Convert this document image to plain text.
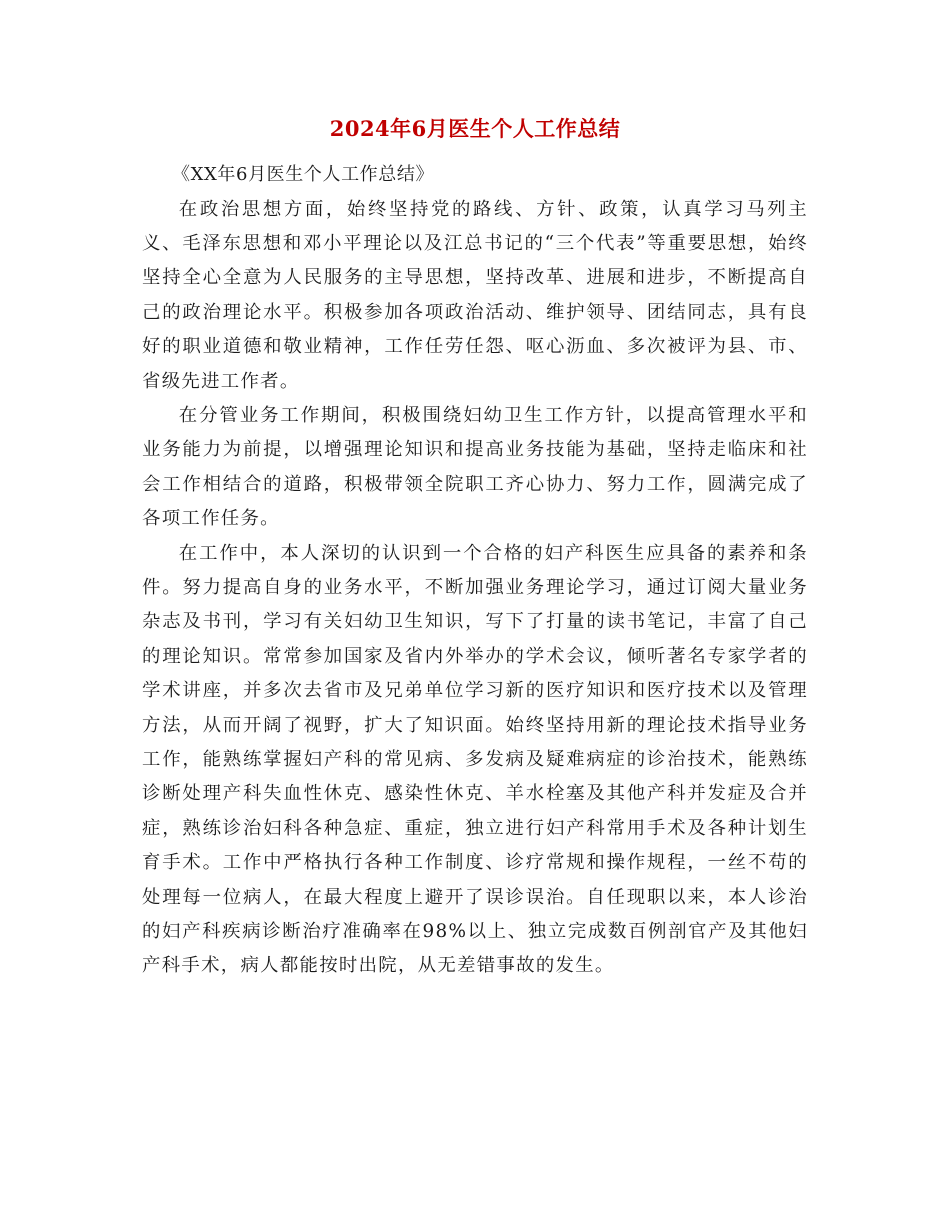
2024年6月医生个人工作总结

《XX年6月医生个人工作总结》

在政治思想方面，始终坚持党的路线、方针、政策，认真学习马列主义、毛泽东思想和邓小平理论以及江总书记的“三个代表”等重要思想，始终坚持全心全意为人民服务的主导思想，坚持改革、进展和进步，不断提高自己的政治理论水平。积极参加各项政治活动、维护领导、团结同志，具有良好的职业道德和敬业精神，工作任劳任怨、呕心沥血、多次被评为县、市、省级先进工作者。

在分管业务工作期间，积极围绕妇幼卫生工作方针，以提高管理水平和业务能力为前提，以增强理论知识和提高业务技能为基础，坚持走临床和社会工作相结合的道路，积极带领全院职工齐心协力、努力工作，圆满完成了各项工作任务。

在工作中，本人深切的认识到一个合格的妇产科医生应具备的素养和条件。努力提高自身的业务水平，不断加强业务理论学习，通过订阅大量业务杂志及书刊，学习有关妇幼卫生知识，写下了打量的读书笔记，丰富了自己的理论知识。常常参加国家及省内外举办的学术会议，倾听著名专家学者的学术讲座，并多次去省市及兄弟单位学习新的医疗知识和医疗技术以及管理方法，从而开阔了视野，扩大了知识面。始终坚持用新的理论技术指导业务工作，能熟练掌握妇产科的常见病、多发病及疑难病症的诊治技术，能熟练诊断处理产科失血性休克、感染性休克、羊水栓塞及其他产科并发症及合并症，熟练诊治妇科各种急症、重症，独立进行妇产科常用手术及各种计划生育手术。工作中严格执行各种工作制度、诊疗常规和操作规程，一丝不苟的处理每一位病人，在最大程度上避开了误诊误治。自任现职以来，本人诊治的妇产科疾病诊断治疗准确率在98%以上、独立完成数百例剖官产及其他妇产科手术，病人都能按时出院，从无差错事故的发生。
